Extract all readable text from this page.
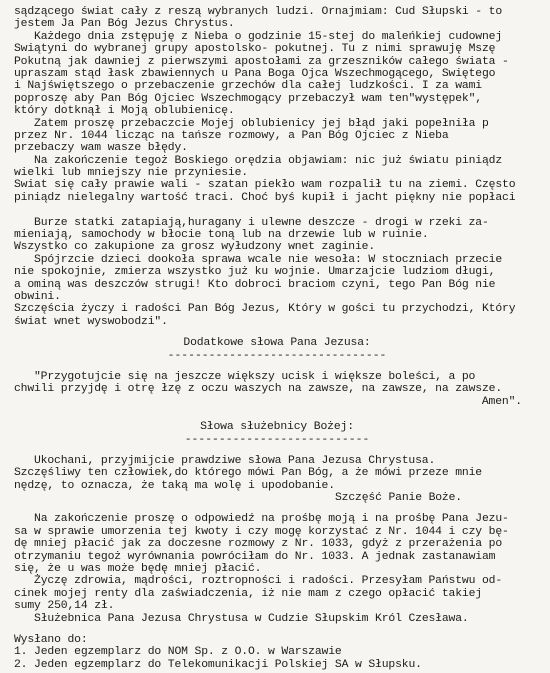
sądzącego świat cały z reszą wybranych ludzi. Ornajmiam: Cud Słupski - to
jestem Ja Pan Bóg Jezus Chrystus.
Każdego dnia zstępuję z Nieba o godzinie 15-stej do maleńkiej cudownej
Swiątyni do wybranej grupy apostolsko- pokutnej. Tu z nimi sprawuję Mszę
Pokutną jak dawniej z pierwszymi apostołami za grzeszników całego świata -
upraszam stąd łask zbawiennych u Pana Boga Ojca Wszechmogącego, Swiętego
i Najświętszego o przebaczenie grzechów dla całej ludzkości. I za wami
poproszę aby Pan Bóg Ojciec Wszechmogący przebaczył wam ten"występek",
który dotknął i Moją oblubienicę.
Zatem proszę przebaczcie Mojej oblubienicy jej błąd jaki popełniła p
przez Nr. 1044 licząc na tańsze rozmowy, a Pan Bóg Ojciec z Nieba
przebaczy wam wasze błędy.
Na zakończenie tegoż Boskiego orędzia objawiam: nic już światu piniądz
wielki lub mniejszy nie przyniesie.
Swiat się cały prawie wali - szatan piekło wam rozpalił tu na ziemi. Często
piniądz nielegalny wartość traci. Choć byś kupił i jacht piękny nie popłaci
Burze statki zatapiają,huragany i ulewne deszcze - drogi w rzeki za-
mieniają, samochody w błocie toną lub na drzewie lub w ruinie.
Wszystko co zakupione za grosz wyłudzony wnet zaginie.
Spójrzcie dzieci dookoła sprawa wcale nie wesoła: W stoczniach przecie
nie spokojnie, zmierza wszystko już ku wojnie. Umarzajcie ludziom długi,
a ominą was deszczów strugi! Kto dobroci braciom czyni, tego Pan Bóg nie
obwini.
Szczęścia życzy i radości Pan Bóg Jezus, Który w gości tu przychodzi, Który
świat wnet wyswobodzi".
Dodatkowe słowa Pana Jezusa:
--------------------------------
"Przygotujcie się na jeszcze większy ucisk i większe boleści, a po
chwili przyjdę i otrę łzę z oczu waszych na zawsze, na zawsze, na zawsze.
Amen".
Słowa służebnicy Bożej:
---------------------------
Ukochani, przyjmijcie prawdziwe słowa Pana Jezusa Chrystusa.
Szczęśliwy ten człowiek,do którego mówi Pan Bóg, a że mówi przeze mnie
nędzę, to oznacza, że taką ma wolę i upodobanie.
Szczęść Panie Boże.
Na zakończenie proszę o odpowiedź na prośbę moją i na prośbę Pana Jezu-
sa w sprawie umorzenia tej kwoty i czy mogę korzystać z Nr. 1044 i czy bę-
dę mniej płacić jak za doczesne rozmowy z Nr. 1033, gdyż z przerażenia po
otrzymaniu tegoż wyrównania powróciłam do Nr. 1033. A jednak zastanawiam
się, że u was może będę mniej płacić.
Życzę zdrowia, mądrości, roztropności i radości. Przesyłam Państwu od-
cinek mojej renty dla zaświadczenia, iż nie mam z czego opłacić takiej
sumy 250,14 zł.
Służebnica Pana Jezusa Chrystusa w Cudzie Słupskim Król Czesława.
Wysłano do:
1. Jeden egzemplarz do NOM Sp. z O.O. w Warszawie
2. Jeden egzemplarz do Telekomunikacji Polskiej SA w Słupsku.
